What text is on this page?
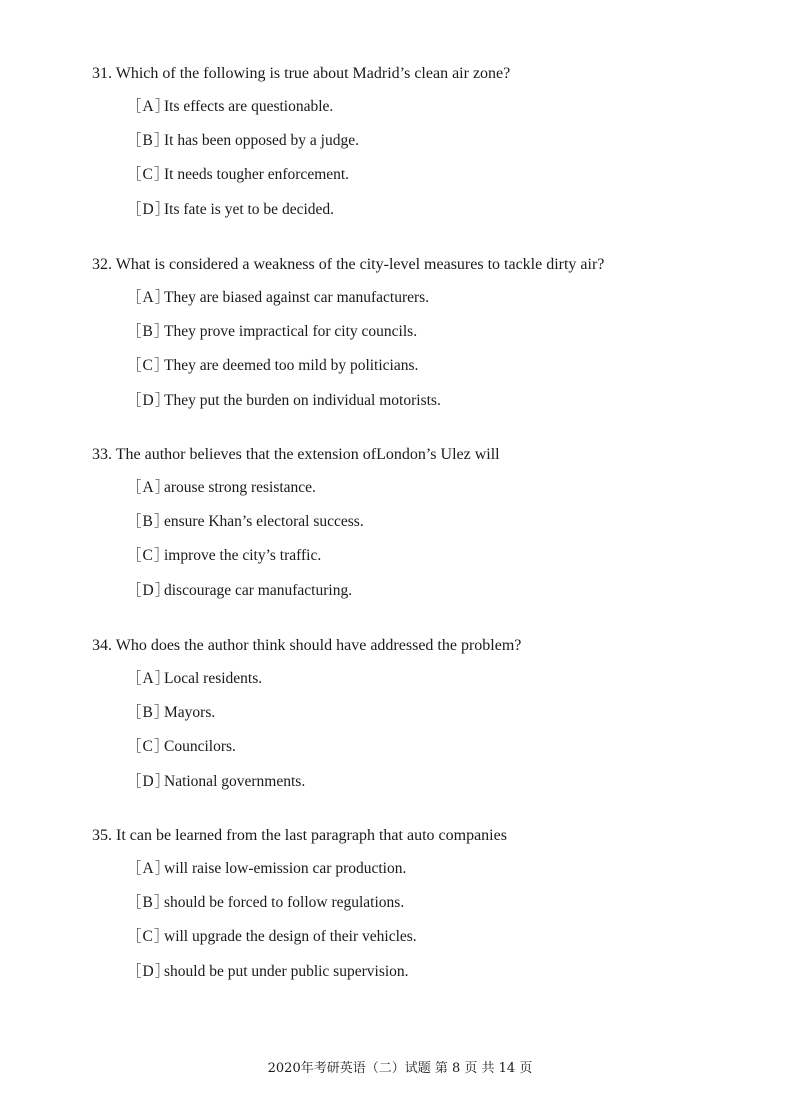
31. Which of the following is true about Madrid’s clean air zone?
［A］Its effects are questionable.
［B］It has been opposed by a judge.
［C］It needs tougher enforcement.
［D］Its fate is yet to be decided.
32. What is considered a weakness of the city-level measures to tackle dirty air?
［A］They are biased against car manufacturers.
［B］They prove impractical for city councils.
［C］They are deemed too mild by politicians.
［D］They put the burden on individual motorists.
33. The author believes that the extension ofLondon’s Ulez will
［A］arouse strong resistance.
［B］ensure Khan’s electoral success.
［C］improve the city’s traffic.
［D］discourage car manufacturing.
34. Who does the author think should have addressed the problem?
［A］Local residents.
［B］Mayors.
［C］Councilors.
［D］National governments.
35. It can be learned from the last paragraph that auto companies
［A］will raise low-emission car production.
［B］should be forced to follow regulations.
［C］will upgrade the design of their vehicles.
［D］should be put under public supervision.
2020年考研英语（二）试题 第 8 页 共 14 页
